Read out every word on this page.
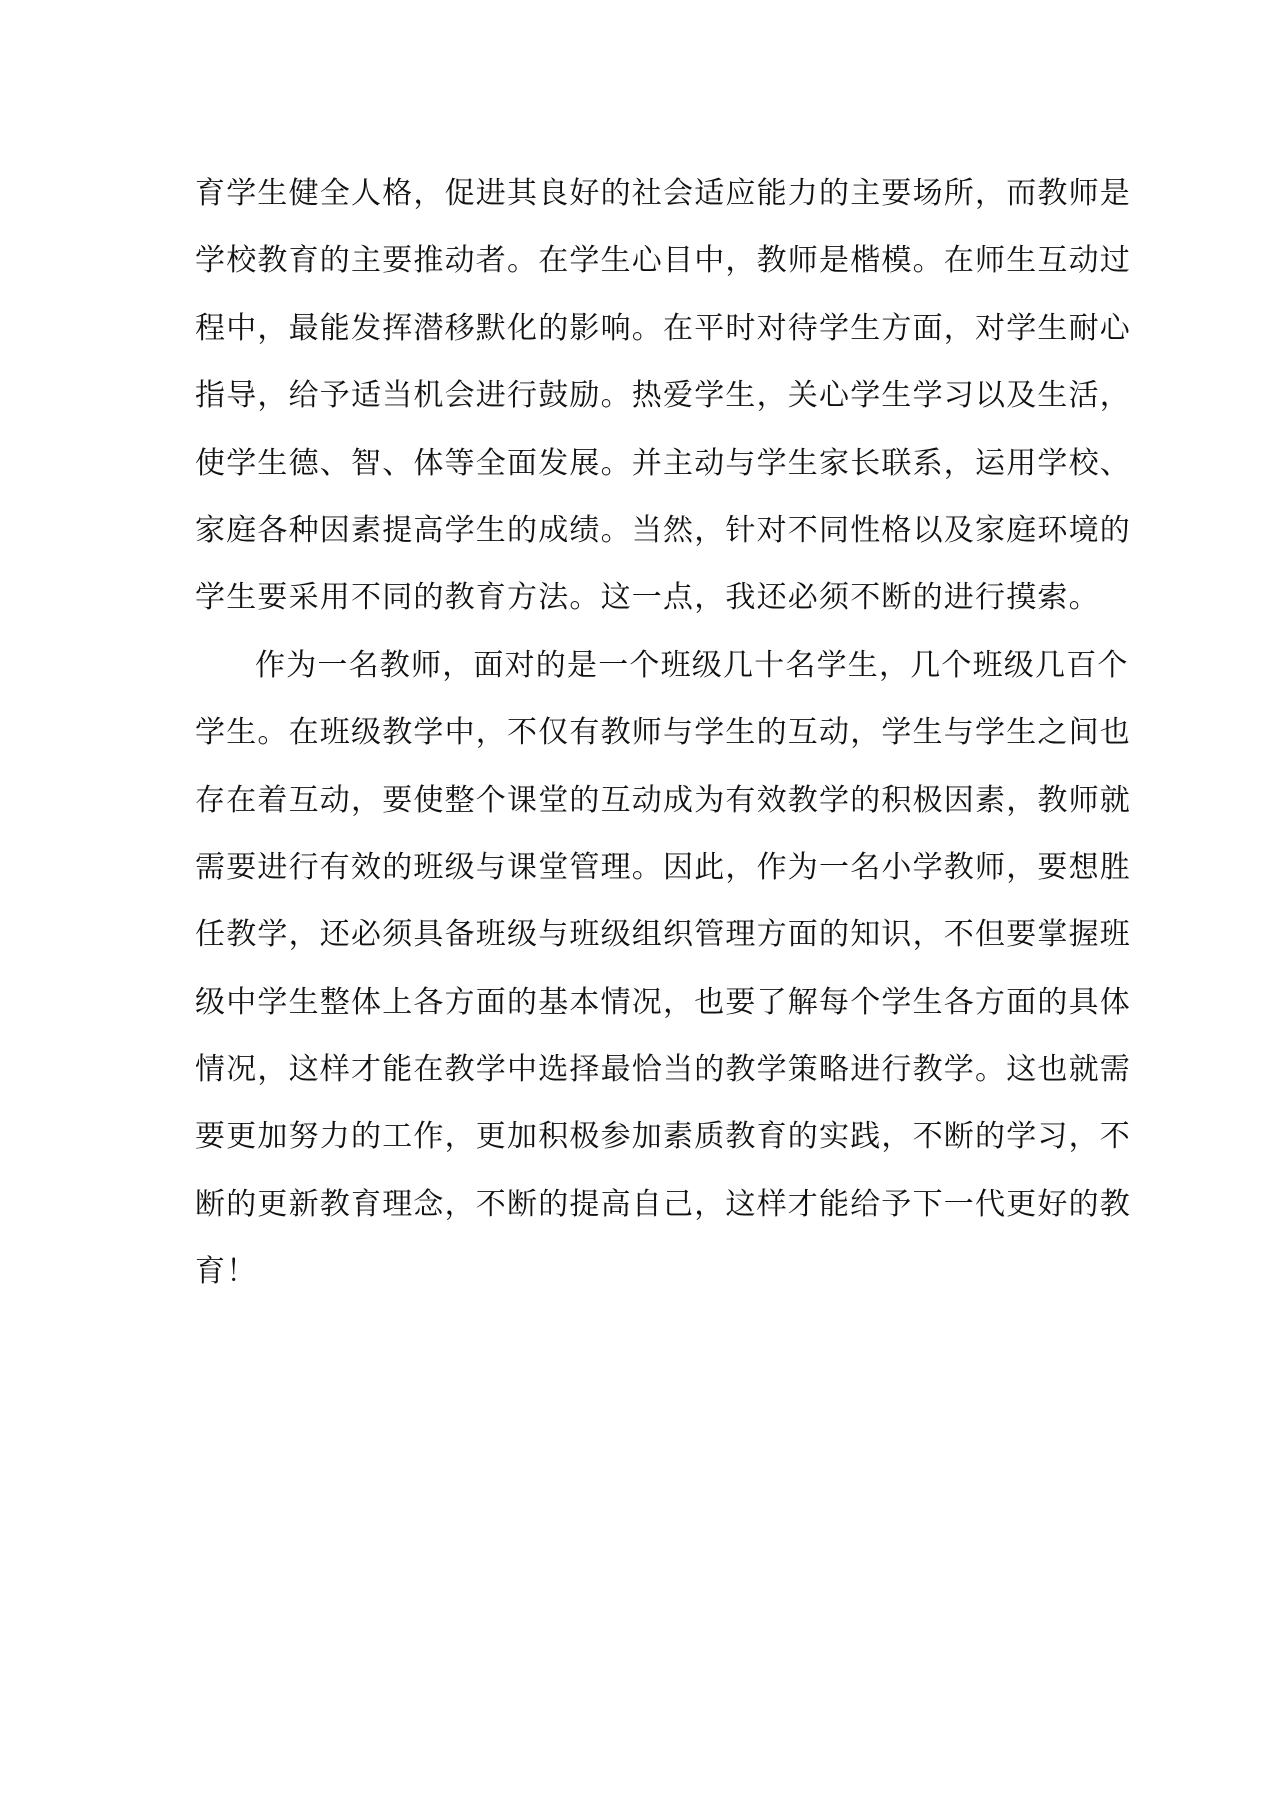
育学生健全人格，促进其良好的社会适应能力的主要场所，而教师是
学校教育的主要推动者。在学生心目中，教师是楷模。在师生互动过
程中，最能发挥潜移默化的影响。在平时对待学生方面，对学生耐心
指导，给予适当机会进行鼓励。热爱学生，关心学生学习以及生活，
使学生德、智、体等全面发展。并主动与学生家长联系，运用学校、
家庭各种因素提高学生的成绩。当然，针对不同性格以及家庭环境的
学生要采用不同的教育方法。这一点，我还必须不断的进行摸索。
作为一名教师，面对的是一个班级几十名学生，几个班级几百个
学生。在班级教学中，不仅有教师与学生的互动，学生与学生之间也
存在着互动，要使整个课堂的互动成为有效教学的积极因素，教师就
需要进行有效的班级与课堂管理。因此，作为一名小学教师，要想胜
任教学，还必须具备班级与班级组织管理方面的知识，不但要掌握班
级中学生整体上各方面的基本情况，也要了解每个学生各方面的具体
情况，这样才能在教学中选择最恰当的教学策略进行教学。这也就需
要更加努力的工作，更加积极参加素质教育的实践，不断的学习，不
断的更新教育理念，不断的提高自己，这样才能给予下一代更好的教
育！
